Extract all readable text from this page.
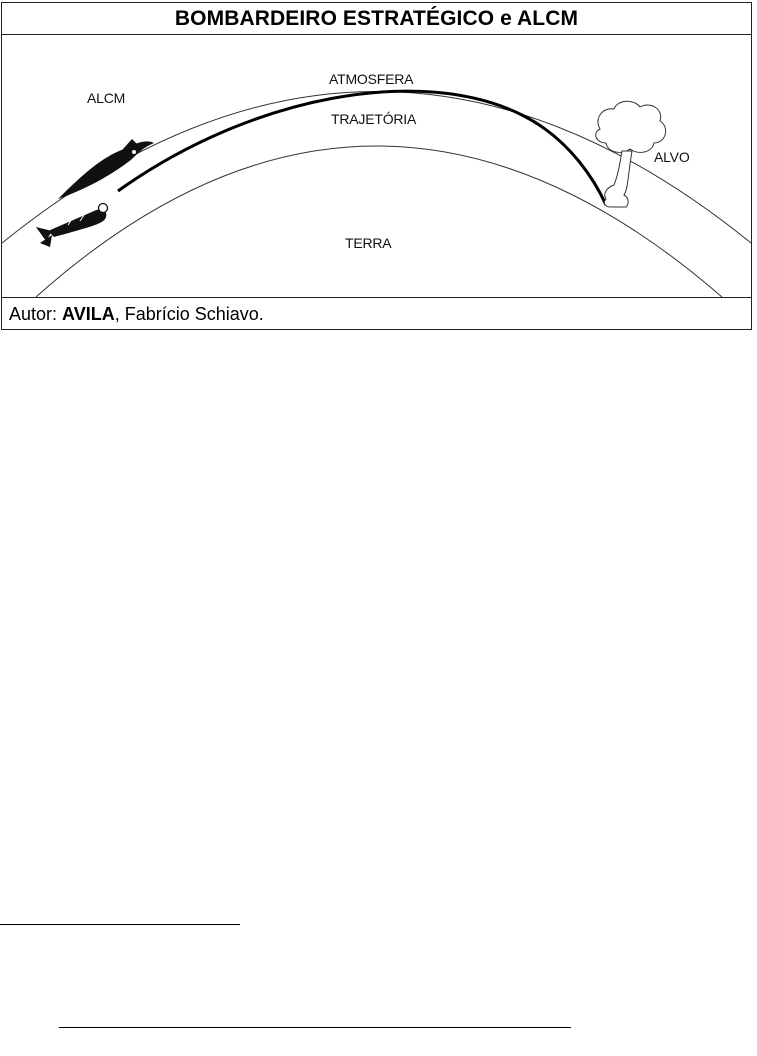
BOMBARDEIRO ESTRATÉGICO e ALCM
ALCM
ATMOSFERA
TRAJETÓRIA
ALVO
TERRA
Autor: AVILA , Fabrício Schiavo.
